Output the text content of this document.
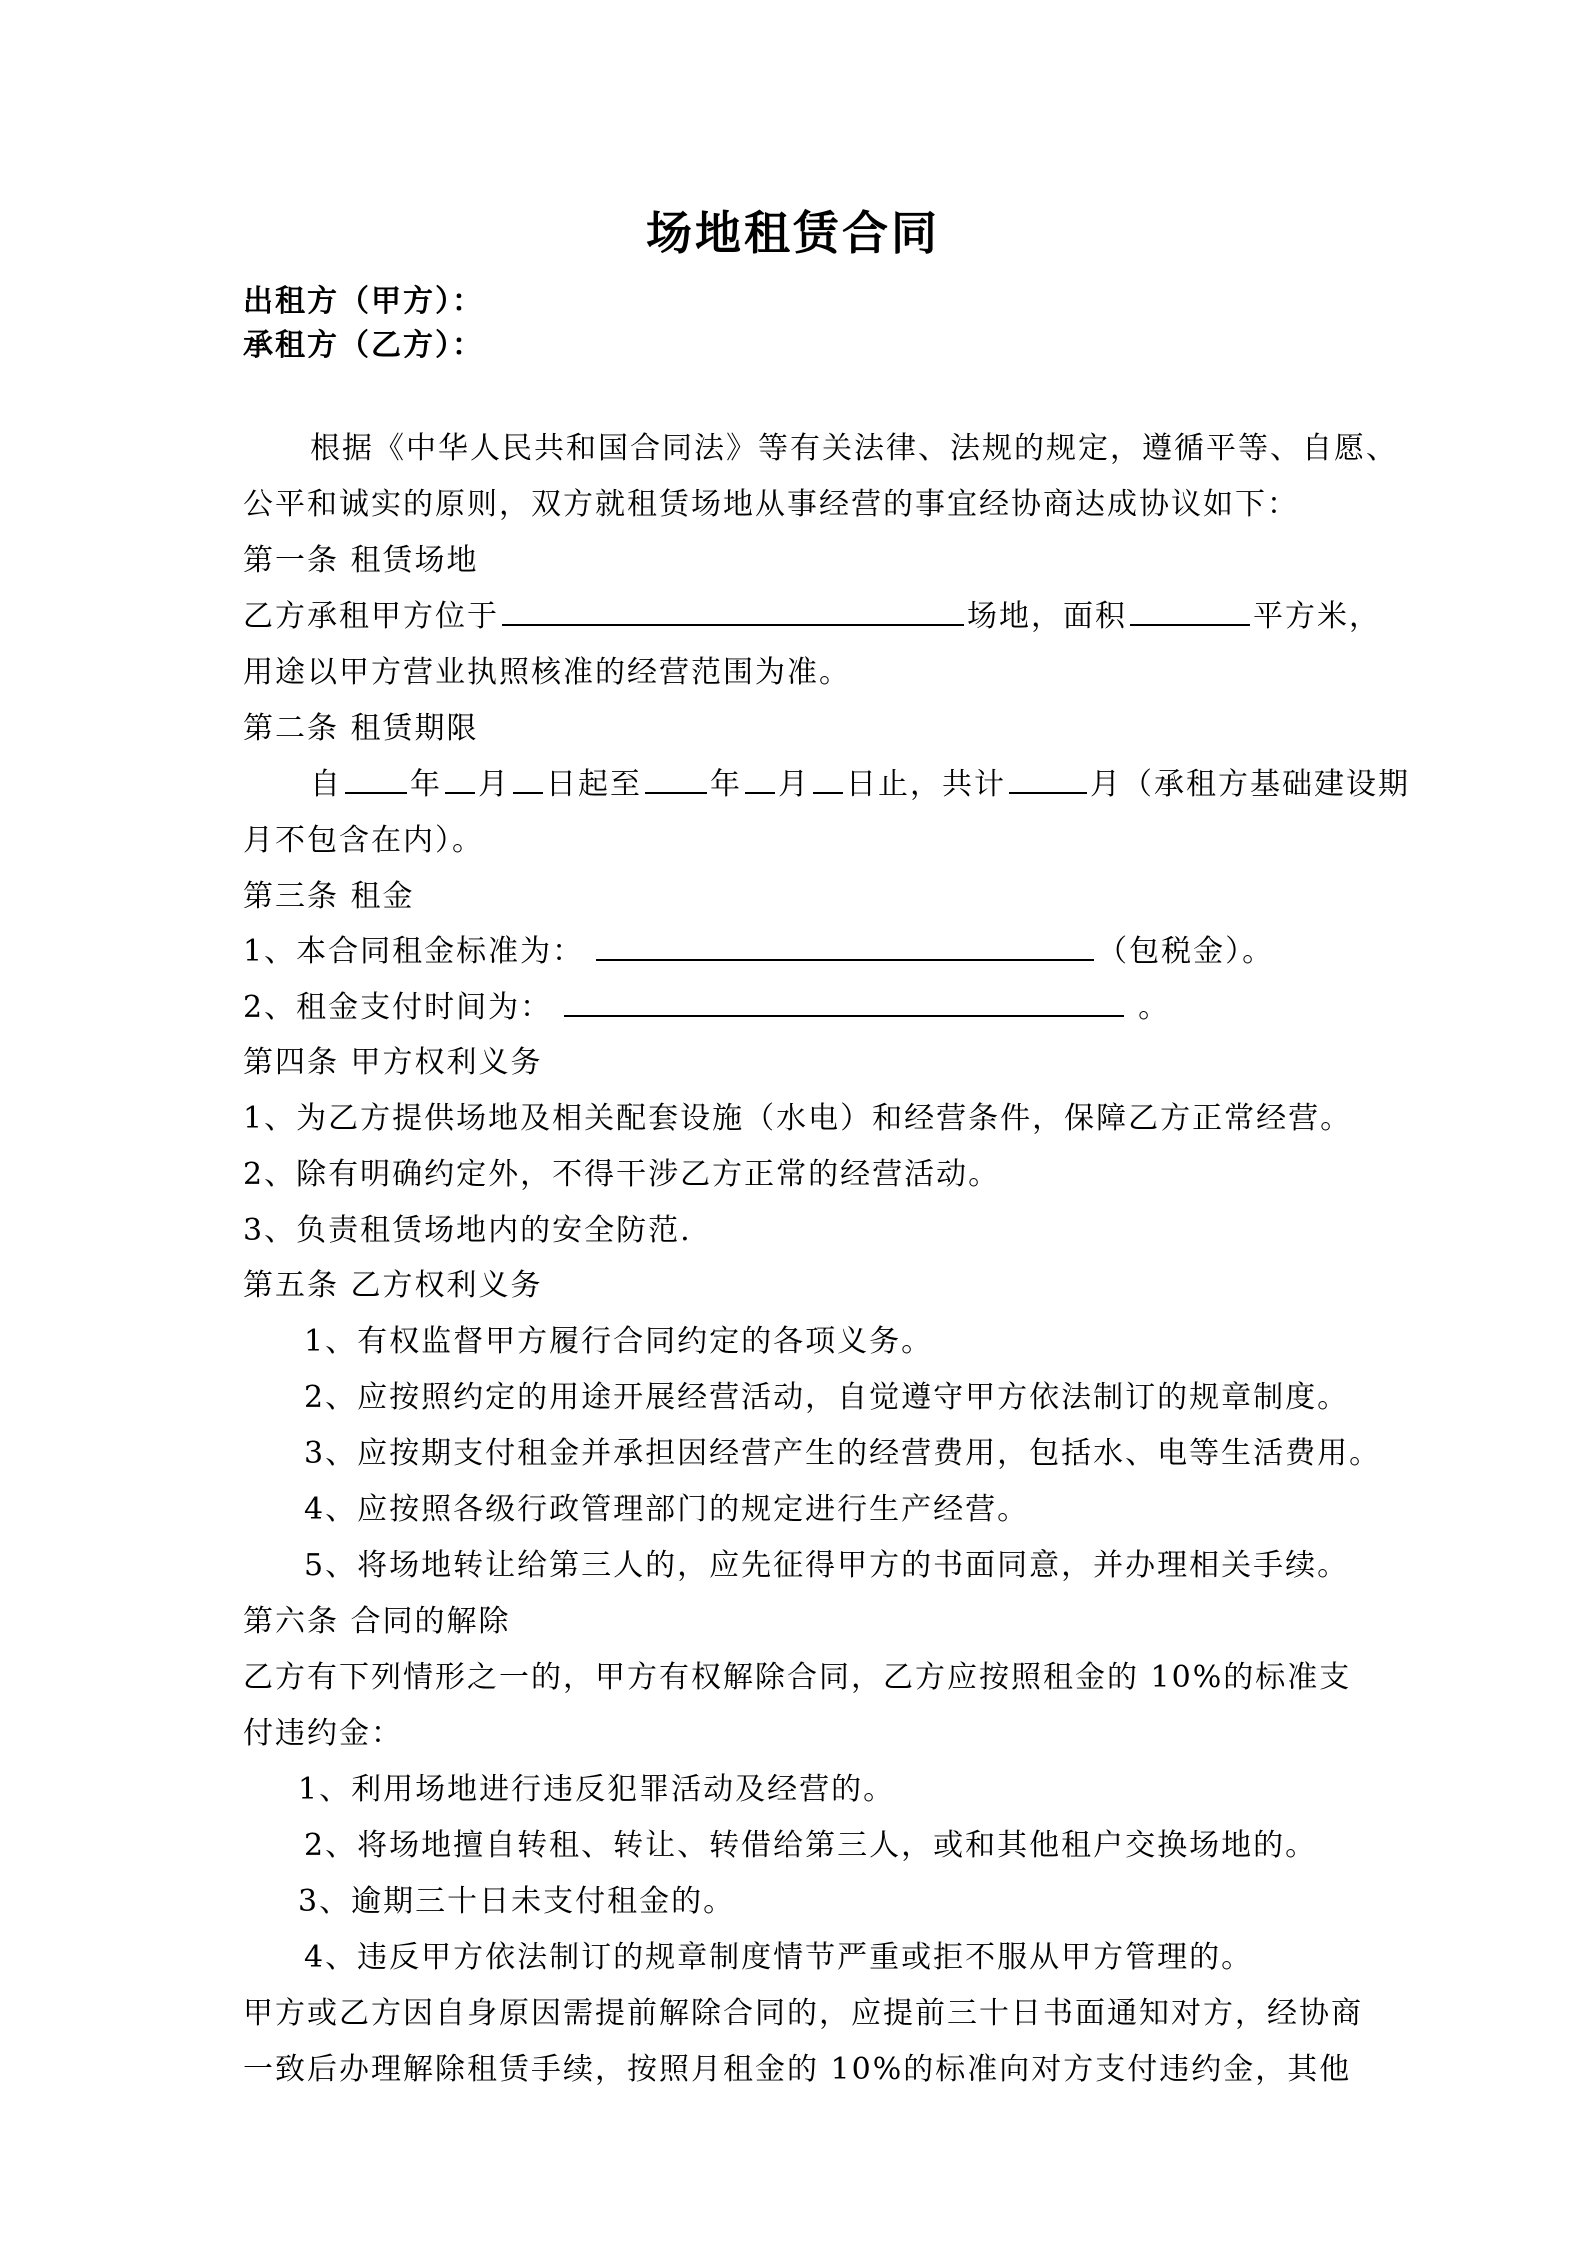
场地租赁合同
出租方（甲方）：
承租方（乙方）：
根据《中华人民共和国合同法》等有关法律、法规的规定，遵循平等、自愿、
公平和诚实的原则，双方就租赁场地从事经营的事宜经协商达成协议如下：
第一条 租赁场地
乙方承租甲方位于	场地，面积	平方米，
用途以甲方营业执照核准的经营范围为准。
第二条 租赁期限
自 年 月 日起至 年 月 日止，共计	月（承租方基础建设期
月不包含在内）。
第三条 租金
1、本合同租金标准为：	（包税金）。
2、租金支付时间为：	。
第四条 甲方权利义务
1、为乙方提供场地及相关配套设施（水电）和经营条件，保障乙方正常经营。
2、除有明确约定外，不得干涉乙方正常的经营活动。
3、负责租赁场地内的安全防范.
第五条 乙方权利义务
1、有权监督甲方履行合同约定的各项义务。
2、应按照约定的用途开展经营活动，自觉遵守甲方依法制订的规章制度。
3、应按期支付租金并承担因经营产生的经营费用，包括水、电等生活费用。
4、应按照各级行政管理部门的规定进行生产经营。
5、将场地转让给第三人的，应先征得甲方的书面同意，并办理相关手续。
第六条 合同的解除
乙方有下列情形之一的，甲方有权解除合同，乙方应按照租金的 10%的标准支
付违约金：
1、利用场地进行违反犯罪活动及经营的。
2、将场地擅自转租、转让、转借给第三人，或和其他租户交换场地的。
3、逾期三十日未支付租金的。
4、违反甲方依法制订的规章制度情节严重或拒不服从甲方管理的。
甲方或乙方因自身原因需提前解除合同的，应提前三十日书面通知对方，经协商
一致后办理解除租赁手续，按照月租金的 10%的标准向对方支付违约金，其他
